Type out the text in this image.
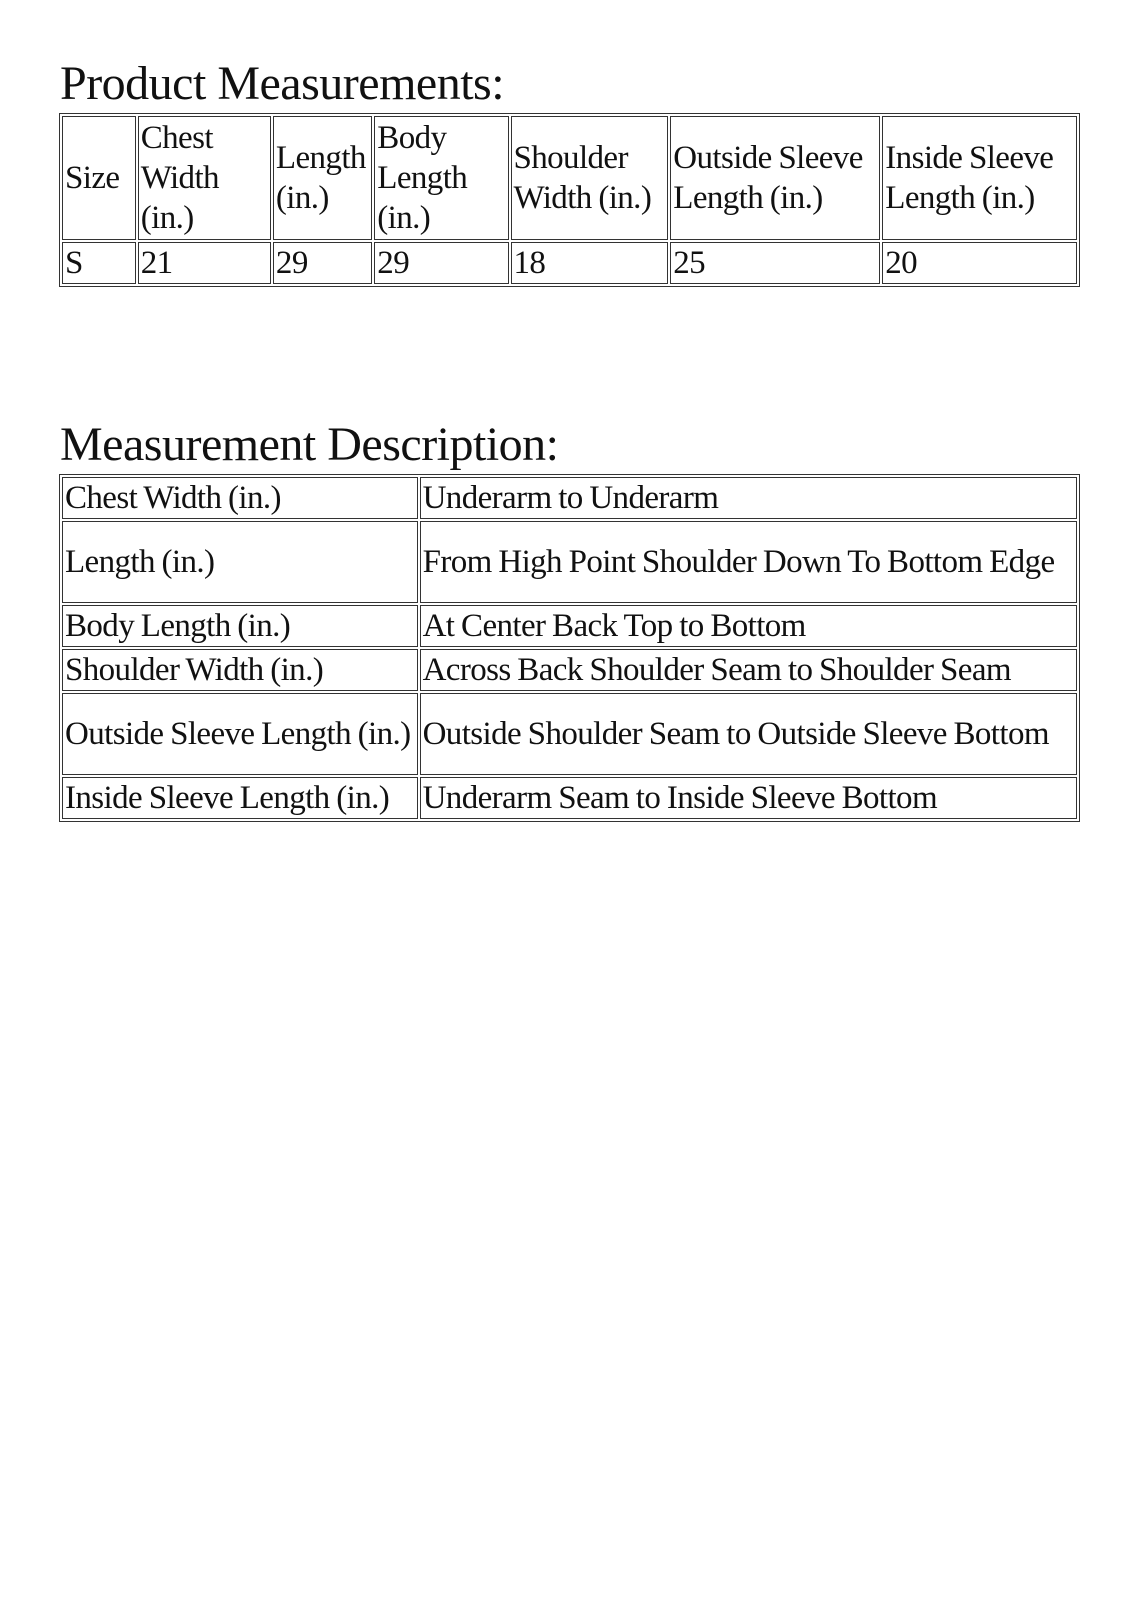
Product Measurements:
Size	Chest Width (in.)	Length (in.)	Body Length (in.)	Shoulder Width (in.)	Outside Sleeve Length (in.)	Inside Sleeve Length (in.)
S	21	29	29	18	25	20
Measurement Description:
Chest Width (in.)	Underarm to Underarm
Length (in.)	From High Point Shoulder Down To Bottom Edge
Body Length (in.)	At Center Back Top to Bottom
Shoulder Width (in.)	Across Back Shoulder Seam to Shoulder Seam
Outside Sleeve Length (in.)	Outside Shoulder Seam to Outside Sleeve Bottom
Inside Sleeve Length (in.)	Underarm Seam to Inside Sleeve Bottom
